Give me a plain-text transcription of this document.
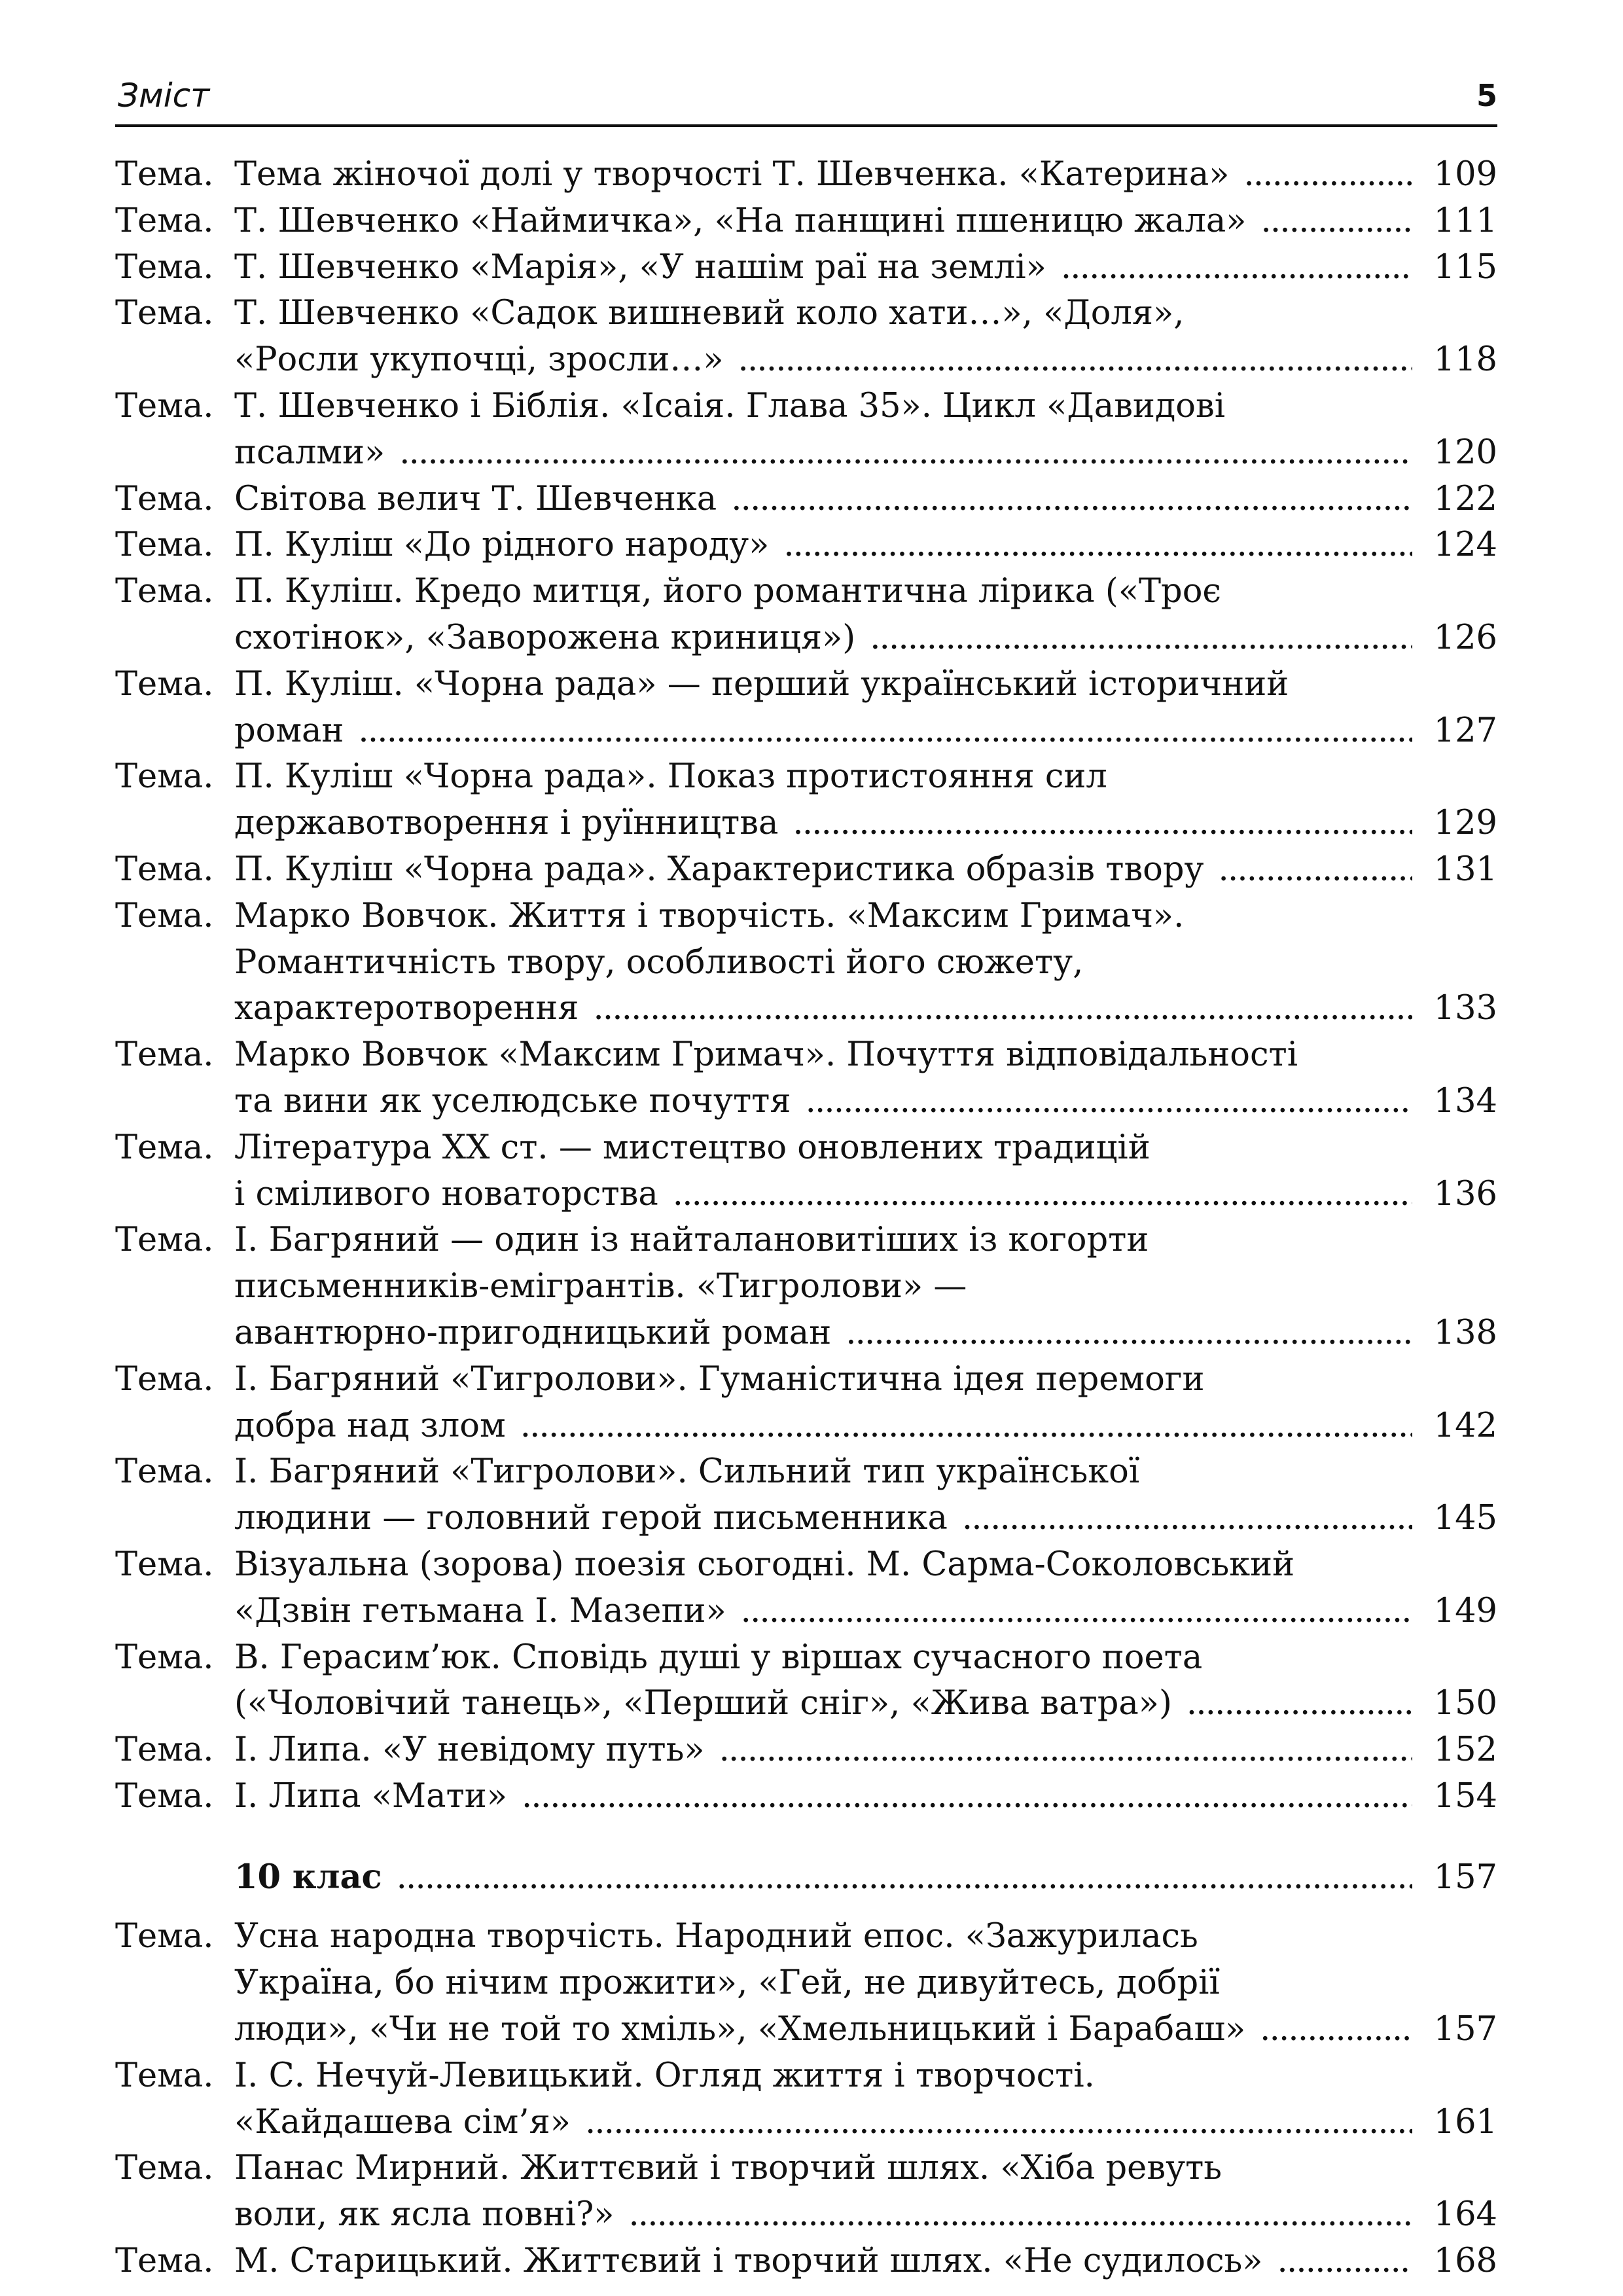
Зміст	5
Тема. Тема жіночої долі у творчості Т. Шевченка. «Катерина» . . .	109
Тема. Т. Шевченко «Наймичка», «На панщині пшеницю жала» . . .	111
Тема. Т. Шевченко «Марія», «У нашім раї на землі» . . .	115
Тема. Т. Шевченко «Садок вишневий коло хати…», «Доля»,
«Росли укупочці, зросли…» . . .	118
Тема. Т. Шевченко і Біблія. «Ісаія. Глава 35». Цикл «Давидові
псалми» . . .	120
Тема. Світова велич Т. Шевченка . . .	122
Тема. П. Куліш «До рідного народу» . . .	124
Тема. П. Куліш. Кредо митця, його романтична лірика («Троє
схотінок», «Заворожена криниця») . . .	126
Тема. П. Куліш. «Чорна рада» — перший український історичний
роман . . .	127
Тема. П. Куліш «Чорна рада». Показ протистояння сил
державотворення і руїнництва . . .	129
Тема. П. Куліш «Чорна рада». Характеристика образів твору . . .	131
Тема. Марко Вовчок. Життя і творчість. «Максим Гримач».
Романтичність твору, особливості його сюжету,
характеротворення . . .	133
Тема. Марко Вовчок «Максим Гримач». Почуття відповідальності
та вини як уселюдське почуття . . .	134
Тема. Література XX ст. — мистецтво оновлених традицій
і сміливого новаторства . . .	136
Тема. І. Багряний — один із найталановитіших із когорти
письменників-емігрантів. «Тигролови» —
авантюрно-пригодницький роман . . .	138
Тема. І. Багряний «Тигролови». Гуманістична ідея перемоги
добра над злом . . .	142
Тема. І. Багряний «Тигролови». Сильний тип української
людини — головний герой письменника . . .	145
Тема. Візуальна (зорова) поезія сьогодні. М. Сарма-Соколовський
«Дзвін гетьмана І. Мазепи» . . .	149
Тема. В. Герасим’юк. Сповідь душі у віршах сучасного поета
(«Чоловічий танець», «Перший сніг», «Жива ватра») . . .	150
Тема. І. Липа. «У невідому путь» . . .	152
Тема. І. Липа «Мати» . . .	154
10 клас . . .	157
Тема. Усна народна творчість. Народний епос. «Зажурилась
Україна, бо нічим прожити», «Гей, не дивуйтесь, добрії
люди», «Чи не той то хміль», «Хмельницький і Барабаш» . . .	157
Тема. І. С. Нечуй-Левицький. Огляд життя і творчості.
«Кайдашева сім’я» . . .	161
Тема. Панас Мирний. Життєвий і творчий шлях. «Хіба ревуть
воли, як ясла повні?» . . .	164
Тема. М. Старицький. Життєвий і творчий шлях. «Не судилось» . . .	168
